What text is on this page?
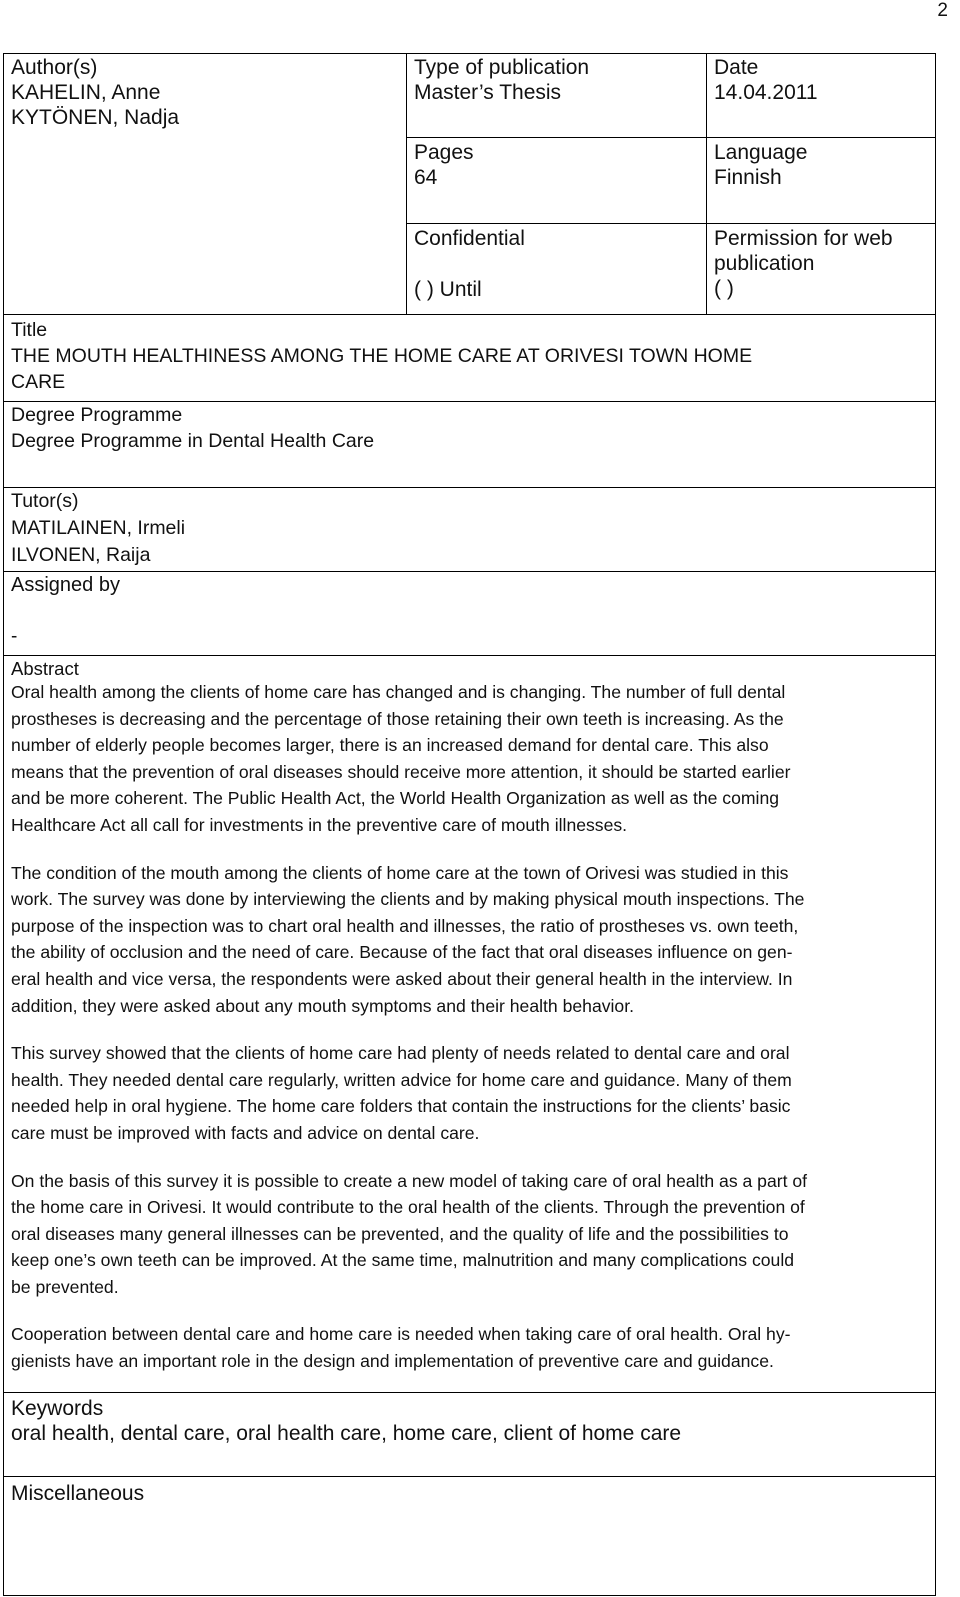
2
Author(s)
KAHELIN, Anne
KYTÖNEN, Nadja
Type of publication
Master’s Thesis
Date
14.04.2011
Pages
64
Language
Finnish
Confidential
( ) Until
Permission for web
publication
( )
Title
THE MOUTH HEALTHINESS AMONG THE HOME CARE AT ORIVESI TOWN HOME
CARE
Degree Programme
Degree Programme in Dental Health Care
Tutor(s)
MATILAINEN, Irmeli
ILVONEN, Raija
Assigned by
-
Abstract

Oral health among the clients of home care has changed and is changing. The number of full dental
prostheses is decreasing and the percentage of those retaining their own teeth is increasing. As the
number of elderly people becomes larger, there is an increased demand for dental care. This also
means that the prevention of oral diseases should receive more attention, it should be started earlier
and be more coherent. The Public Health Act, the World Health Organization as well as the coming
Healthcare Act all call for investments in the preventive care of mouth illnesses.

The condition of the mouth among the clients of home care at the town of Orivesi was studied in this
work. The survey was done by interviewing the clients and by making physical mouth inspections. The
purpose of the inspection was to chart oral health and illnesses, the ratio of prostheses vs. own teeth,
the ability of occlusion and the need of care. Because of the fact that oral diseases influence on gen-
eral health and vice versa, the respondents were asked about their general health in the interview. In
addition, they were asked about any mouth symptoms and their health behavior.

This survey showed that the clients of home care had plenty of needs related to dental care and oral
health. They needed dental care regularly, written advice for home care and guidance. Many of them
needed help in oral hygiene. The home care folders that contain the instructions for the clients’ basic
care must be improved with facts and advice on dental care.

On the basis of this survey it is possible to create a new model of taking care of oral health as a part of
the home care in Orivesi. It would contribute to the oral health of the clients. Through the prevention of
oral diseases many general illnesses can be prevented, and the quality of life and the possibilities to
keep one’s own teeth can be improved. At the same time, malnutrition and many complications could
be prevented.

Cooperation between dental care and home care is needed when taking care of oral health. Oral hy-
gienists have an important role in the design and implementation of preventive care and guidance.

Keywords
oral health, dental care, oral health care, home care, client of home care
Miscellaneous
